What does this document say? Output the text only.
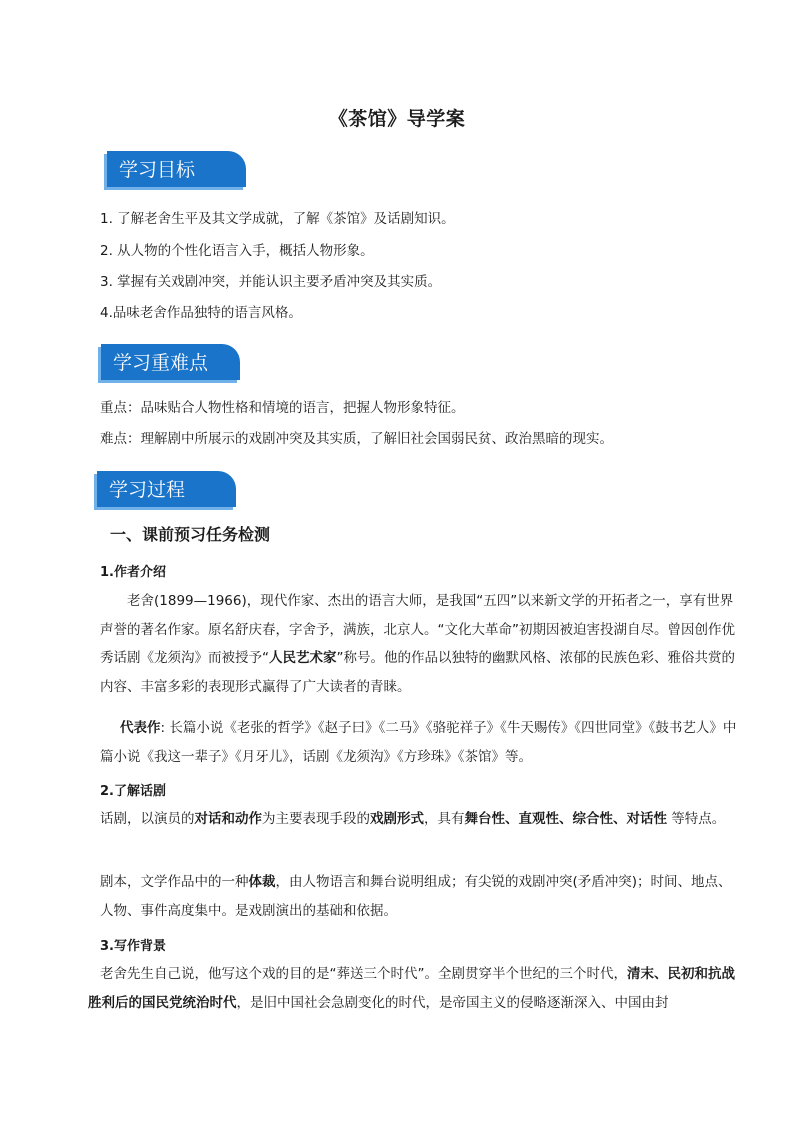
《茶馆》导学案
学习目标
1. 了解老舍生平及其文学成就，了解《茶馆》及话剧知识。
2. 从人物的个性化语言入手，概括人物形象。
3. 掌握有关戏剧冲突，并能认识主要矛盾冲突及其实质。
4.品味老舍作品独特的语言风格。
学习重难点
重点：品味贴合人物性格和情境的语言，把握人物形象特征。
难点：理解剧中所展示的戏剧冲突及其实质，了解旧社会国弱民贫、政治黑暗的现实。
学习过程
一、课前预习任务检测
1.作者介绍
老舍(1899—1966)，现代作家、杰出的语言大师，是我国“五四”以来新文学的开拓者之一，享有世界声誉的著名作家。原名舒庆春，字舍予，满族，北京人。“文化大革命”初期因被迫害投湖自尽。曾因创作优秀话剧《龙须沟》而被授予“人民艺术家”称号。他的作品以独特的幽默风格、浓郁的民族色彩、雅俗共赏的内容、丰富多彩的表现形式赢得了广大读者的青睐。
代表作: 长篇小说《老张的哲学》《赵子曰》《二马》《骆驼祥子》《牛天赐传》《四世同堂》《鼓书艺人》中篇小说《我这一辈子》《月牙儿》，话剧《龙须沟》《方珍珠》《茶馆》等。
2.了解话剧
话剧，以演员的对话和动作为主要表现手段的戏剧形式，具有舞台性、直观性、综合性、对话性 等特点。
剧本，文学作品中的一种体裁，由人物语言和舞台说明组成；有尖锐的戏剧冲突(矛盾冲突)；时间、地点、人物、事件高度集中。是戏剧演出的基础和依据。
3.写作背景
老舍先生自己说，他写这个戏的目的是“葬送三个时代”。全剧贯穿半个世纪的三个时代，清末、民初和抗战胜利后的国民党统治时代，是旧中国社会急剧变化的时代，是帝国主义的侵略逐渐深入、中国由封
